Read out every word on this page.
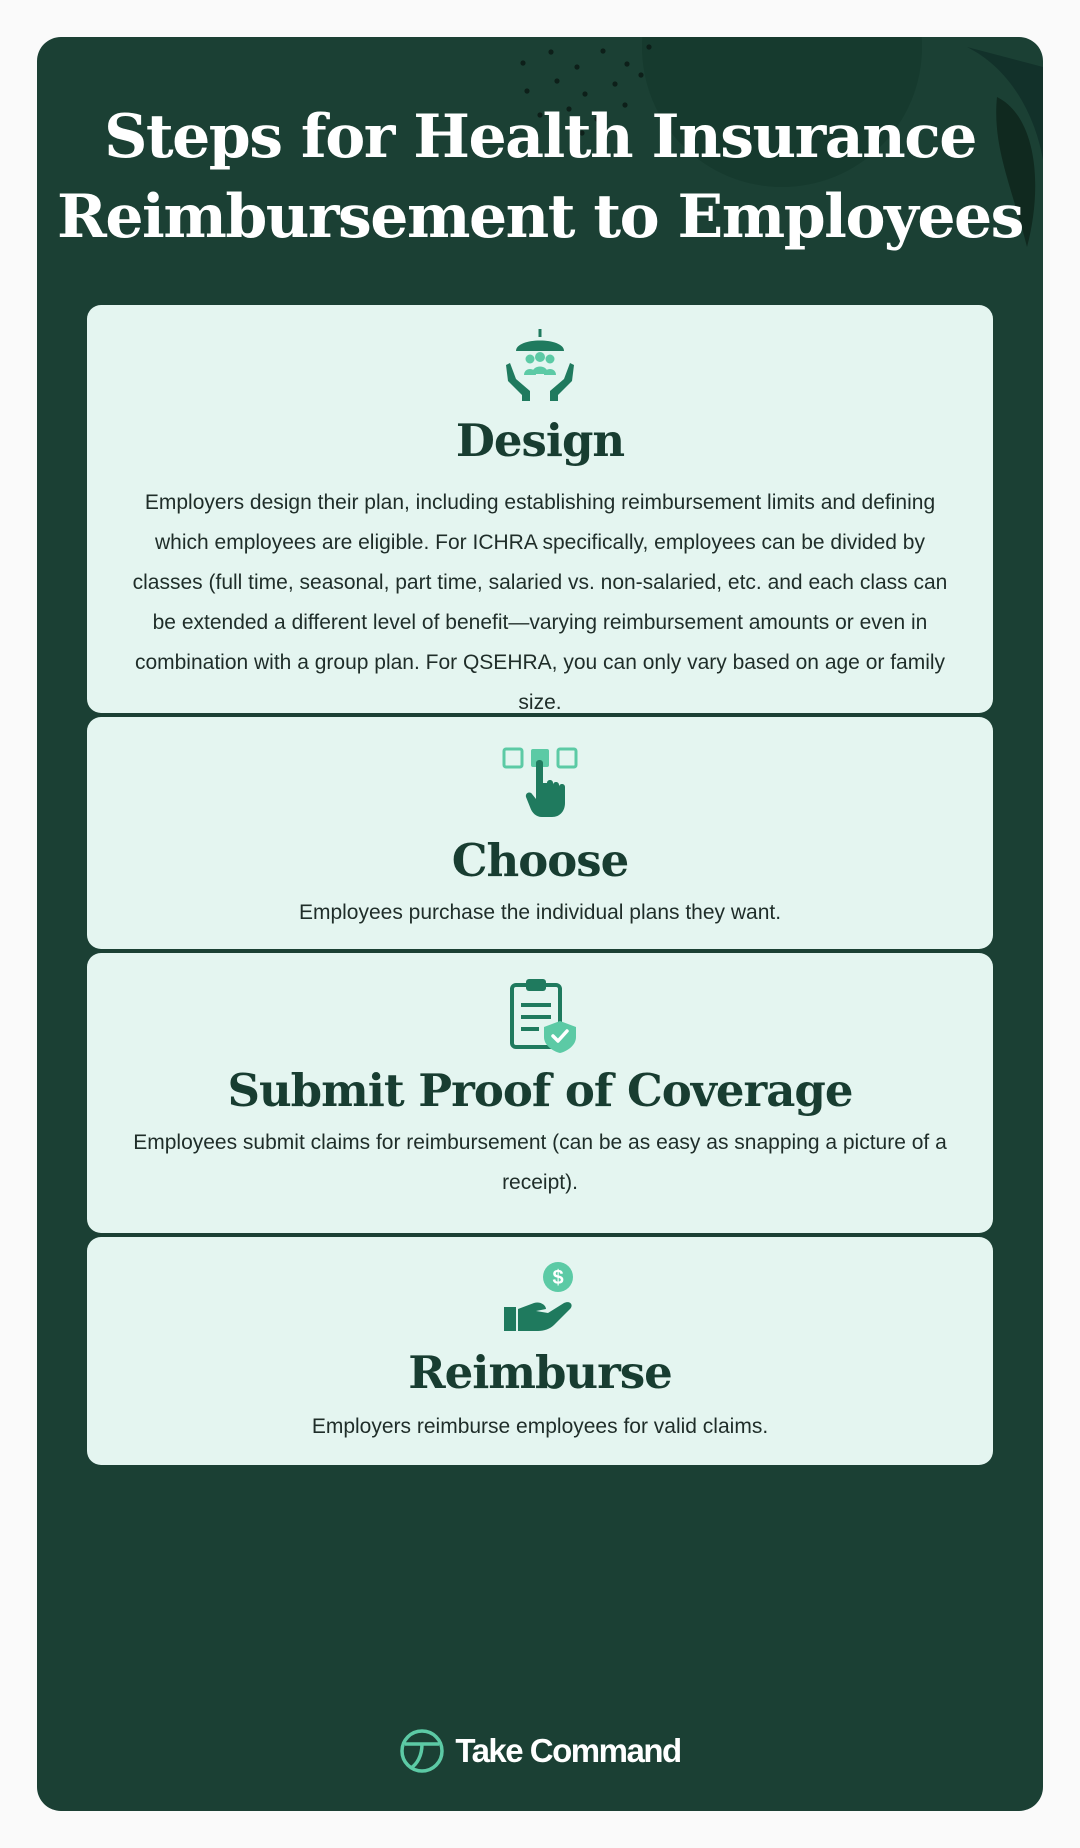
Steps for Health Insurance
Reimbursement to Employees
Design

Employers design their plan, including establishing reimbursement limits and defining which employees are eligible. For ICHRA specifically, employees can be divided by classes (full time, seasonal, part time, salaried vs. non-salaried, etc. and each class can be extended a different level of benefit—varying reimbursement amounts or even in combination with a group plan. For QSEHRA, you can only vary based on age or family size.

Choose

Employees purchase the individual plans they want.

Submit Proof of Coverage

Employees submit claims for reimbursement (can be as easy as snapping a picture of a receipt).

$
Reimburse

Employers reimburse employees for valid claims.

Take Command
